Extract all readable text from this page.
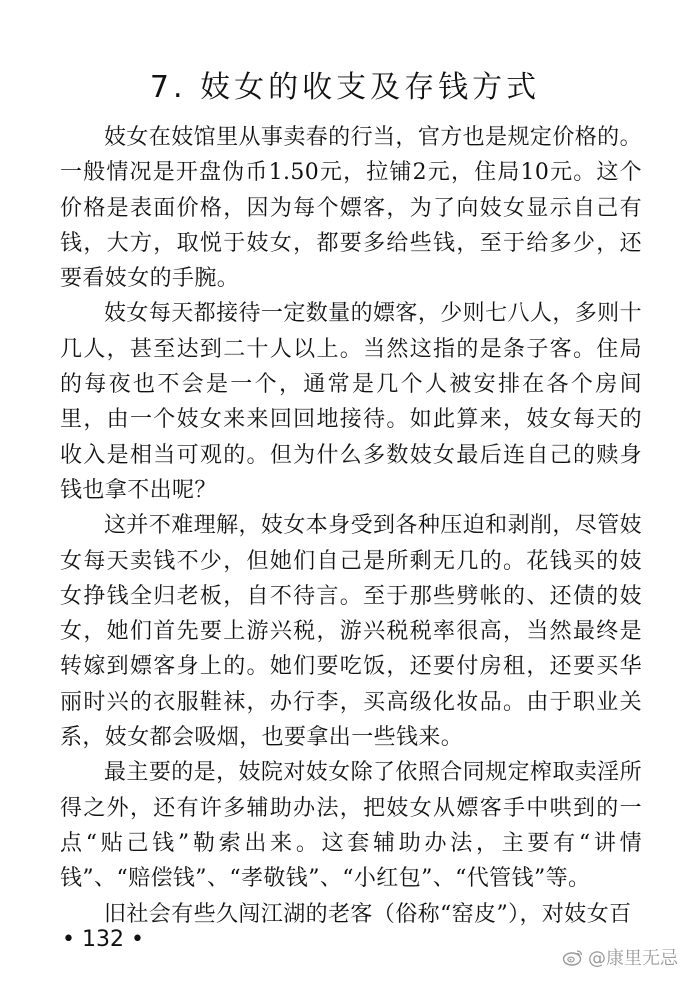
7. 妓女的收支及存钱方式

妓女在妓馆里从事卖春的行当，官方也是规定价格的。一般情况是开盘伪币1.50元，拉铺2元，住局10元。这个价格是表面价格，因为每个嫖客，为了向妓女显示自己有钱，大方，取悦于妓女，都要多给些钱，至于给多少，还要看妓女的手腕。

妓女每天都接待一定数量的嫖客，少则七八人，多则十几人，甚至达到二十人以上。当然这指的是条子客。住局的每夜也不会是一个，通常是几个人被安排在各个房间里，由一个妓女来来回回地接待。如此算来，妓女每天的收入是相当可观的。但为什么多数妓女最后连自己的赎身钱也拿不出呢？

这并不难理解，妓女本身受到各种压迫和剥削，尽管妓女每天卖钱不少，但她们自己是所剩无几的。花钱买的妓女挣钱全归老板，自不待言。至于那些劈帐的、还债的妓女，她们首先要上游兴税，游兴税税率很高，当然最终是转嫁到嫖客身上的。她们要吃饭，还要付房租，还要买华丽时兴的衣服鞋袜，办行李，买高级化妆品。由于职业关系，妓女都会吸烟，也要拿出一些钱来。

最主要的是，妓院对妓女除了依照合同规定榨取卖淫所得之外，还有许多辅助办法，把妓女从嫖客手中哄到的一点“贴己钱”勒索出来。这套辅助办法，主要有“讲情钱”、“赔偿钱”、“孝敬钱”、“小红包”、“代管钱”等。

旧社会有些久闯江湖的老客（俗称“窑皮”），对妓女百

• 132 •
@康里无忌
